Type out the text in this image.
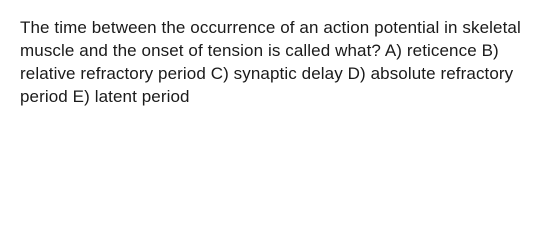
The time between the occurrence of an action potential in skeletal muscle and the onset of tension is called what? A) reticence B) relative refractory period C) synaptic delay D) absolute refractory period E) latent period
